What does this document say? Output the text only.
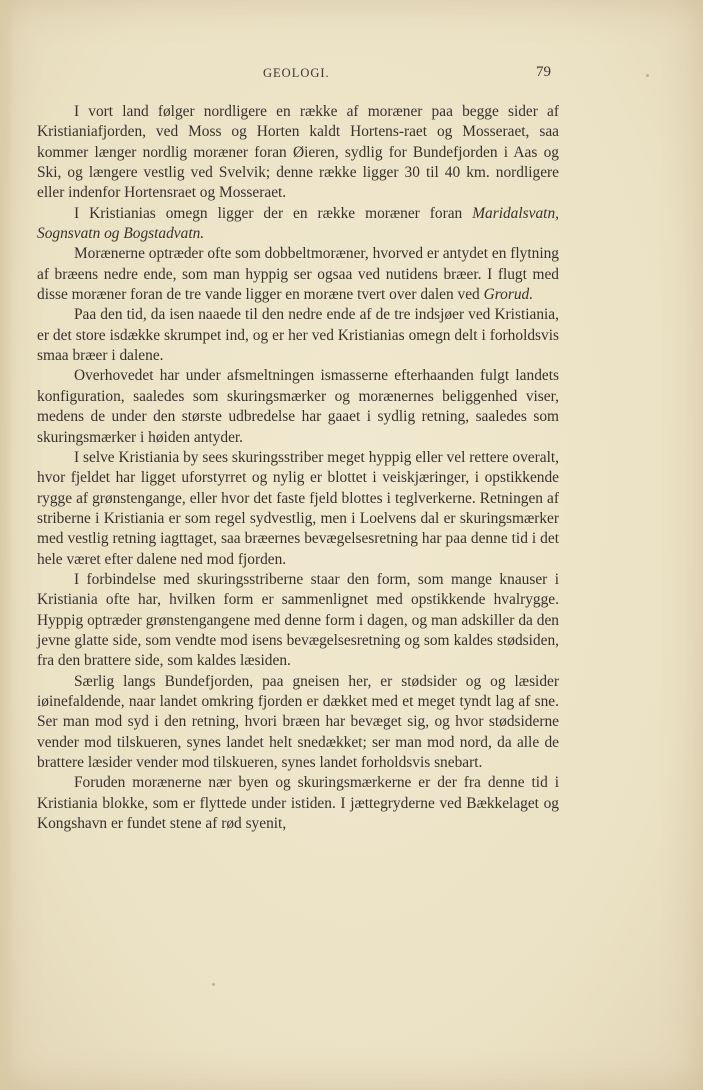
GEOLOGI.	79

I vort land følger nordligere en række af moræner paa begge sider af Kristianiafjorden, ved Moss og Horten kaldt Hortens-raet og Mosseraet, saa kommer længer nordlig moræner foran Øieren, sydlig for Bundefjorden i Aas og Ski, og længere vestlig ved Svelvik; denne række ligger 30 til 40 km. nordligere eller indenfor Hortensraet og Mosseraet.

I Kristianias omegn ligger der en række moræner foran Maridalsvatn, Sognsvatn og Bogstadvatn.

Morænerne optræder ofte som dobbeltmoræner, hvorved er antydet en flytning af bræens nedre ende, som man hyppig ser ogsaa ved nutidens bræer. I flugt med disse moræner foran de tre vande ligger en moræne tvert over dalen ved Grorud.

Paa den tid, da isen naaede til den nedre ende af de tre indsjøer ved Kristiania, er det store isdække skrumpet ind, og er her ved Kristianias omegn delt i forholdsvis smaa bræer i dalene.

Overhovedet har under afsmeltningen ismasserne efterhaanden fulgt landets konfiguration, saaledes som skuringsmærker og morænernes beliggenhed viser, medens de under den største udbredelse har gaaet i sydlig retning, saaledes som skuringsmærker i høiden antyder.

I selve Kristiania by sees skuringsstriber meget hyppig eller vel rettere overalt, hvor fjeldet har ligget uforstyrret og nylig er blottet i veiskjæringer, i opstikkende rygge af grønstengange, eller hvor det faste fjeld blottes i teglverkerne. Retningen af striberne i Kristiania er som regel sydvestlig, men i Loelvens dal er skuringsmærker med vestlig retning iagttaget, saa bræernes bevægelsesretning har paa denne tid i det hele været efter dalene ned mod fjorden.

I forbindelse med skuringsstriberne staar den form, som mange knauser i Kristiania ofte har, hvilken form er sammenlignet med opstikkende hvalrygge. Hyppig optræder grønstengangene med denne form i dagen, og man adskiller da den jevne glatte side, som vendte mod isens bevægelsesretning og som kaldes stødsiden, fra den brattere side, som kaldes læsiden.

Særlig langs Bundefjorden, paa gneisen her, er stødsider og og læsider iøinefaldende, naar landet omkring fjorden er dækket med et meget tyndt lag af sne. Ser man mod syd i den retning, hvori bræen har bevæget sig, og hvor stødsiderne vender mod tilskueren, synes landet helt snedækket; ser man mod nord, da alle de brattere læsider vender mod tilskueren, synes landet forholdsvis snebart.

Foruden morænerne nær byen og skuringsmærkerne er der fra denne tid i Kristiania blokke, som er flyttede under istiden. I jættegryderne ved Bækkelaget og Kongshavn er fundet stene af rød syenit,
